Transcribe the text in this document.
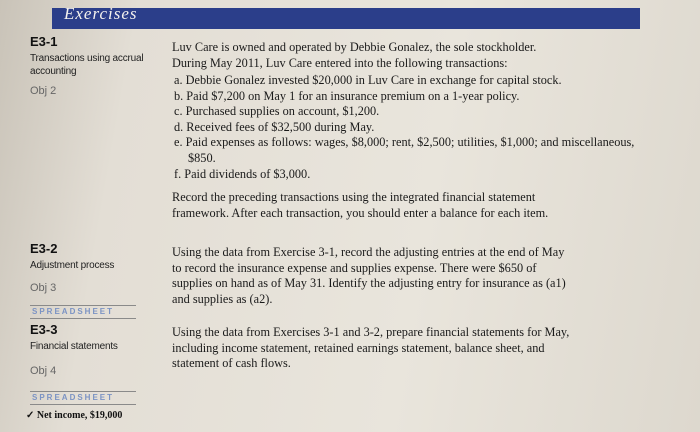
Exercises
E3-1
Transactions using accrual
accounting
Obj 2

Luv Care is owned and operated by Debbie Gonalez, the sole stockholder.

During May 2011, Luv Care entered into the following transactions:

a. Debbie Gonalez invested $20,000 in Luv Care in exchange for capital stock.
b. Paid $7,200 on May 1 for an insurance premium on a 1-year policy.
c. Purchased supplies on account, $1,200.
d. Received fees of $32,500 during May.
e. Paid expenses as follows: wages, $8,000; rent, $2,500; utilities, $1,000; and miscellaneous, $850.
f. Paid dividends of $3,000.

Record the preceding transactions using the integrated financial statement

framework. After each transaction, you should enter a balance for each item.

E3-2
Adjustment process
Obj 3
SPREADSHEET

Using the data from Exercise 3-1, record the adjusting entries at the end of May

to record the insurance expense and supplies expense. There were $650 of

supplies on hand as of May 31. Identify the adjusting entry for insurance as (a1)

and supplies as (a2).

E3-3
Financial statements
Obj 4
SPREADSHEET

Using the data from Exercises 3-1 and 3-2, prepare financial statements for May,

including income statement, retained earnings statement, balance sheet, and

statement of cash flows.

✓ Net income, $19,000
